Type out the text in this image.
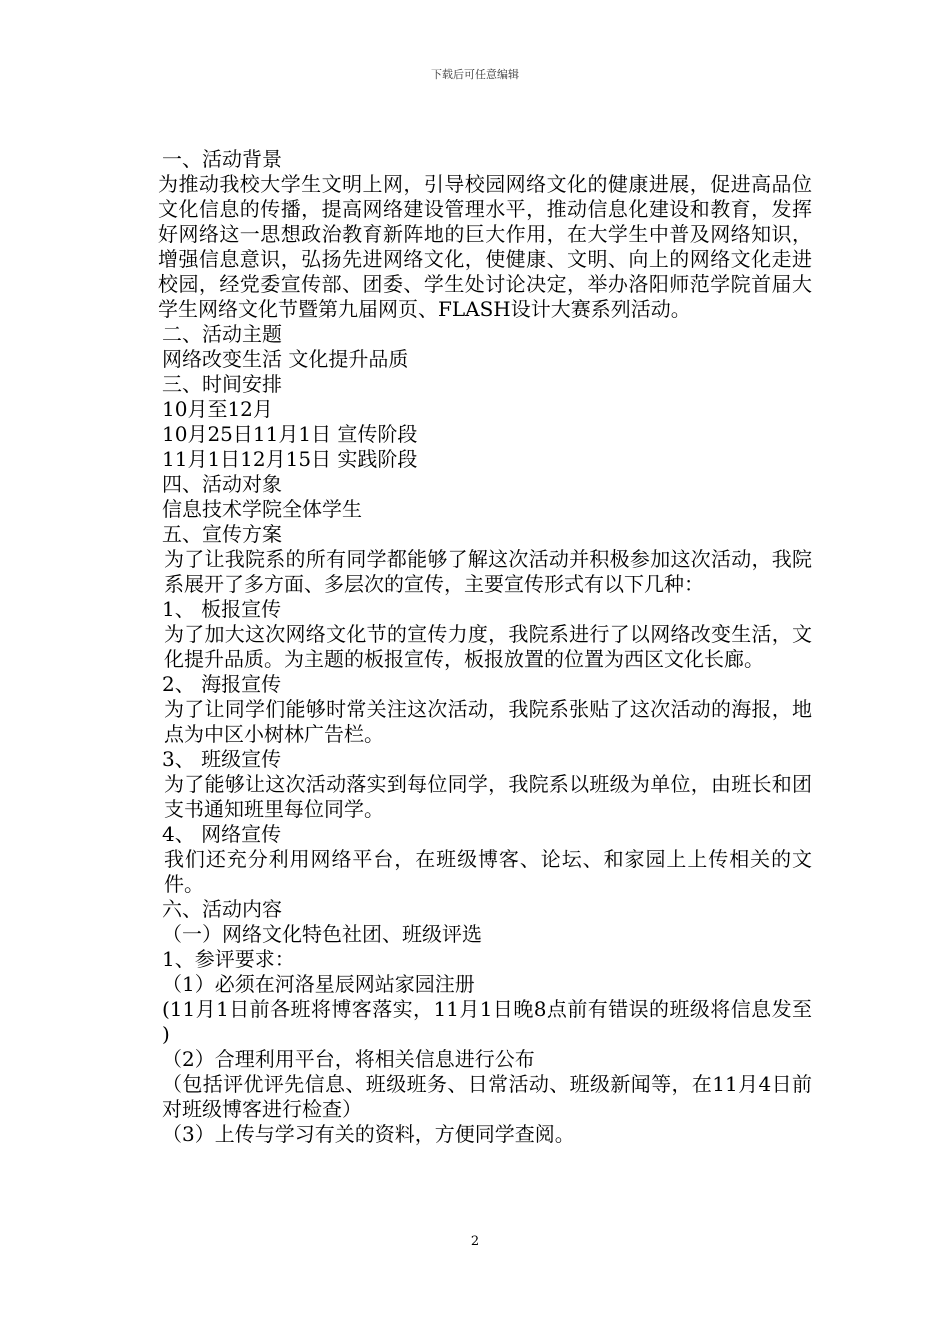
下载后可任意编辑

一、活动背景

为推动我校大学生文明上网，引导校园网络文化的健康进展，促进高品位文化信息的传播，提高网络建设管理水平，推动信息化建设和教育，发挥好网络这一思想政治教育新阵地的巨大作用，在大学生中普及网络知识，增强信息意识，弘扬先进网络文化，使健康、文明、向上的网络文化走进校园，经党委宣传部、团委、学生处讨论决定，举办洛阳师范学院首届大学生网络文化节暨第九届网页、FLASH设计大赛系列活动。

二、活动主题

网络改变生活 文化提升品质

三、时间安排

10月至12月

10月25日11月1日 宣传阶段

11月1日12月15日 实践阶段

四、活动对象

信息技术学院全体学生

五、宣传方案

为了让我院系的所有同学都能够了解这次活动并积极参加这次活动，我院系展开了多方面、多层次的宣传，主要宣传形式有以下几种：

1、 板报宣传

为了加大这次网络文化节的宣传力度，我院系进行了以网络改变生活，文化提升品质。为主题的板报宣传，板报放置的位置为西区文化长廊。

2、 海报宣传

为了让同学们能够时常关注这次活动，我院系张贴了这次活动的海报，地点为中区小树林广告栏。

3、 班级宣传

为了能够让这次活动落实到每位同学，我院系以班级为单位，由班长和团支书通知班里每位同学。

4、 网络宣传

我们还充分利用网络平台，在班级博客、论坛、和家园上上传相关的文件。

六、活动内容

（一）网络文化特色社团、班级评选

1、参评要求：

（1）必须在河洛星辰网站家园注册

(11月1日前各班将博客落实，11月1日晚8点前有错误的班级将信息发至 )

（2）合理利用平台，将相关信息进行公布

（包括评优评先信息、班级班务、日常活动、班级新闻等，在11月4日前对班级博客进行检查）

（3）上传与学习有关的资料，方便同学查阅。

2
